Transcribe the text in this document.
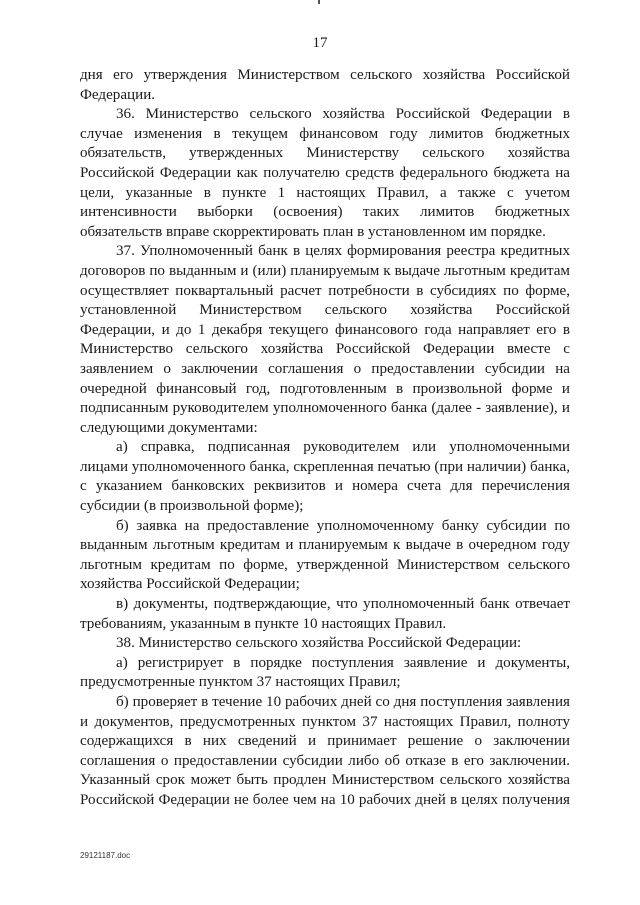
17

дня его утверждения Министерством сельского хозяйства Российской Федерации.

36. Министерство сельского хозяйства Российской Федерации в случае изменения в текущем финансовом году лимитов бюджетных обязательств, утвержденных Министерству сельского хозяйства Российской Федерации как получателю средств федерального бюджета на цели, указанные в пункте 1 настоящих Правил, а также с учетом интенсивности выборки (освоения) таких лимитов бюджетных обязательств вправе скорректировать план в установленном им порядке.

37. Уполномоченный банк в целях формирования реестра кредитных договоров по выданным и (или) планируемым к выдаче льготным кредитам осуществляет поквартальный расчет потребности в субсидиях по форме, установленной Министерством сельского хозяйства Российской Федерации, и до 1 декабря текущего финансового года направляет его в Министерство сельского хозяйства Российской Федерации вместе с заявлением о заключении соглашения о предоставлении субсидии на очередной финансовый год, подготовленным в произвольной форме и подписанным руководителем уполномоченного банка (далее - заявление), и следующими документами:

а) справка, подписанная руководителем или уполномоченными лицами уполномоченного банка, скрепленная печатью (при наличии) банка, с указанием банковских реквизитов и номера счета для перечисления субсидии (в произвольной форме);

б) заявка на предоставление уполномоченному банку субсидии по выданным льготным кредитам и планируемым к выдаче в очередном году льготным кредитам по форме, утвержденной Министерством сельского хозяйства Российской Федерации;

в) документы, подтверждающие, что уполномоченный банк отвечает требованиям, указанным в пункте 10 настоящих Правил.

38. Министерство сельского хозяйства Российской Федерации:

а) регистрирует в порядке поступления заявление и документы, предусмотренные пунктом 37 настоящих Правил;

б) проверяет в течение 10 рабочих дней со дня поступления заявления и документов, предусмотренных пунктом 37 настоящих Правил, полноту содержащихся в них сведений и принимает решение о заключении соглашения о предоставлении субсидии либо об отказе в его заключении. Указанный срок может быть продлен Министерством сельского хозяйства Российской Федерации не более чем на 10 рабочих дней в целях получения

29121187.doc
